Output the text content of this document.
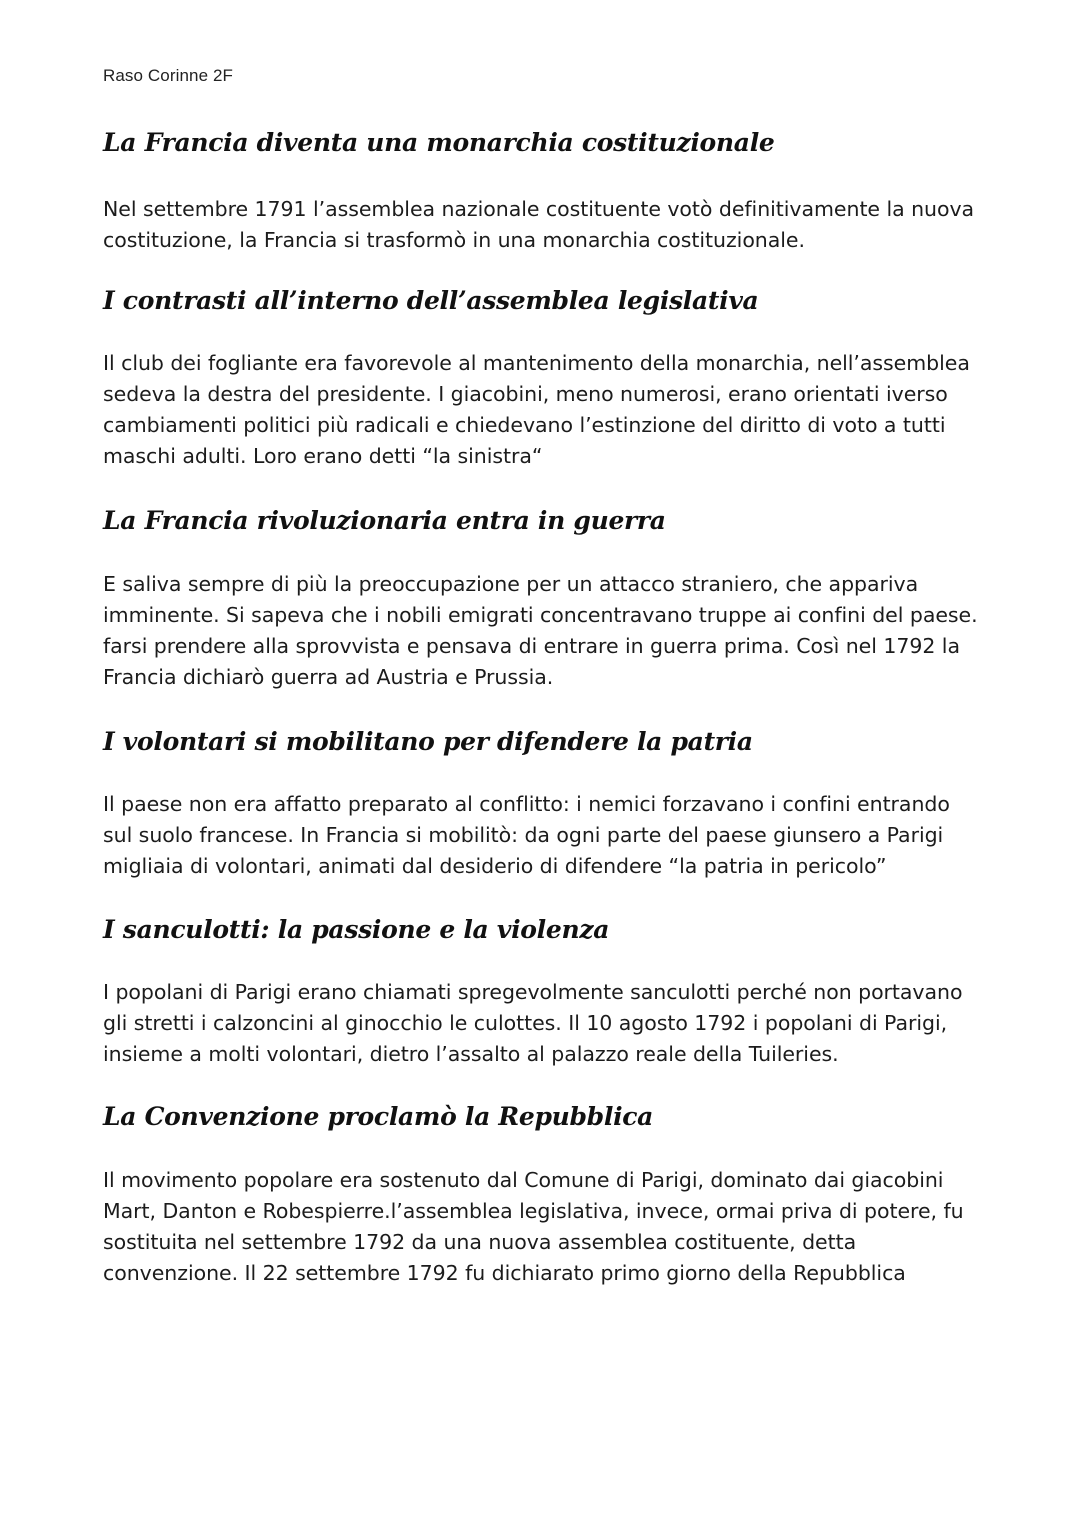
Raso Corinne 2F
La Francia diventa una monarchia costituzionale

Nel settembre 1791 l’assemblea nazionale costituente votò definitivamente la nuova
costituzione, la Francia si trasformò in una monarchia costituzionale.

I contrasti all’interno dell’assemblea legislativa

Il club dei fogliante era favorevole al mantenimento della monarchia, nell’assemblea
sedeva la destra del presidente. I giacobini, meno numerosi, erano orientati iverso
cambiamenti politici più radicali e chiedevano l’estinzione del diritto di voto a tutti
maschi adulti. Loro erano detti “la sinistra“

La Francia rivoluzionaria entra in guerra

E saliva sempre di più la preoccupazione per un attacco straniero, che appariva
imminente. Si sapeva che i nobili emigrati concentravano truppe ai confini del paese.
farsi prendere alla sprovvista e pensava di entrare in guerra prima. Così nel 1792 la
Francia dichiarò guerra ad Austria e Prussia.

I volontari si mobilitano per difendere la patria

Il paese non era affatto preparato al conflitto: i nemici forzavano i confini entrando
sul suolo francese. In Francia si mobilitò: da ogni parte del paese giunsero a Parigi
migliaia di volontari, animati dal desiderio di difendere “la patria in pericolo”

I sanculotti: la passione e la violenza

I popolani di Parigi erano chiamati spregevolmente sanculotti perché non portavano
gli stretti i calzoncini al ginocchio le culottes. Il 10 agosto 1792 i popolani di Parigi,
insieme a molti volontari, dietro l’assalto al palazzo reale della Tuileries.

La Convenzione proclamò la Repubblica

Il movimento popolare era sostenuto dal Comune di Parigi, dominato dai giacobini
Mart, Danton e Robespierre.l’assemblea legislativa, invece, ormai priva di potere, fu
sostituita nel settembre 1792 da una nuova assemblea costituente, detta
convenzione. Il 22 settembre 1792 fu dichiarato primo giorno della Repubblica
